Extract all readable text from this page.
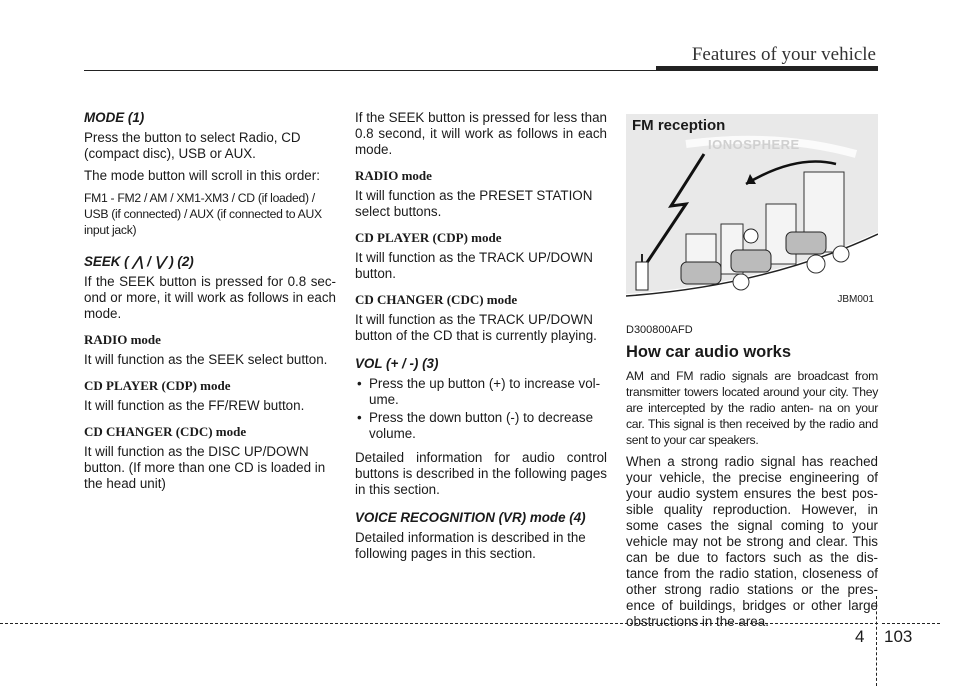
Features of your vehicle

MODE (1)

Press the button to select Radio, CD (compact disc), USB or AUX.

The mode button will scroll in this order:

FM1 - FM2 / AM / XM1-XM3 / CD (if loaded) / USB (if connected) / AUX (if connected to AUX input jack)

SEEK ( ⋀ / ⋁ ) (2)

If the SEEK button is pressed for 0.8 sec- ond or more, it will work as follows in each mode.

RADIO mode

It will function as the SEEK select button.

CD PLAYER (CDP) mode

It will function as the FF/REW button.

CD CHANGER (CDC) mode

It will function as the DISC UP/DOWN button. (If more than one CD is loaded in the head unit)

If the SEEK button is pressed for less than 0.8 second, it will work as follows in each mode.

RADIO mode

It will function as the PRESET STATION select buttons.

CD PLAYER (CDP) mode

It will function as the TRACK UP/DOWN button.

CD CHANGER (CDC) mode

It will function as the TRACK UP/DOWN button of the CD that is currently playing.

VOL (+ / -) (3)

• Press the up button (+) to increase vol- ume.
• Press the down button (-) to decrease volume.

Detailed information for audio control buttons is described in the following pages in this section.

VOICE RECOGNITION (VR) mode (4)

Detailed information is described in the following pages in this section.

FM reception
IONOSPHERE
JBM001

D300800AFD

How car audio works

AM and FM radio signals are broadcast from transmitter towers located around your city. They are intercepted by the radio anten- na on your car. This signal is then received by the radio and sent to your car speakers.

When a strong radio signal has reached your vehicle, the precise engineering of your audio system ensures the best pos- sible quality reproduction. However, in some cases the signal coming to your vehicle may not be strong and clear. This can be due to factors such as the dis- tance from the radio station, closeness of other strong radio stations or the pres- ence of buildings, bridges or other large obstructions in the area.

4 103
